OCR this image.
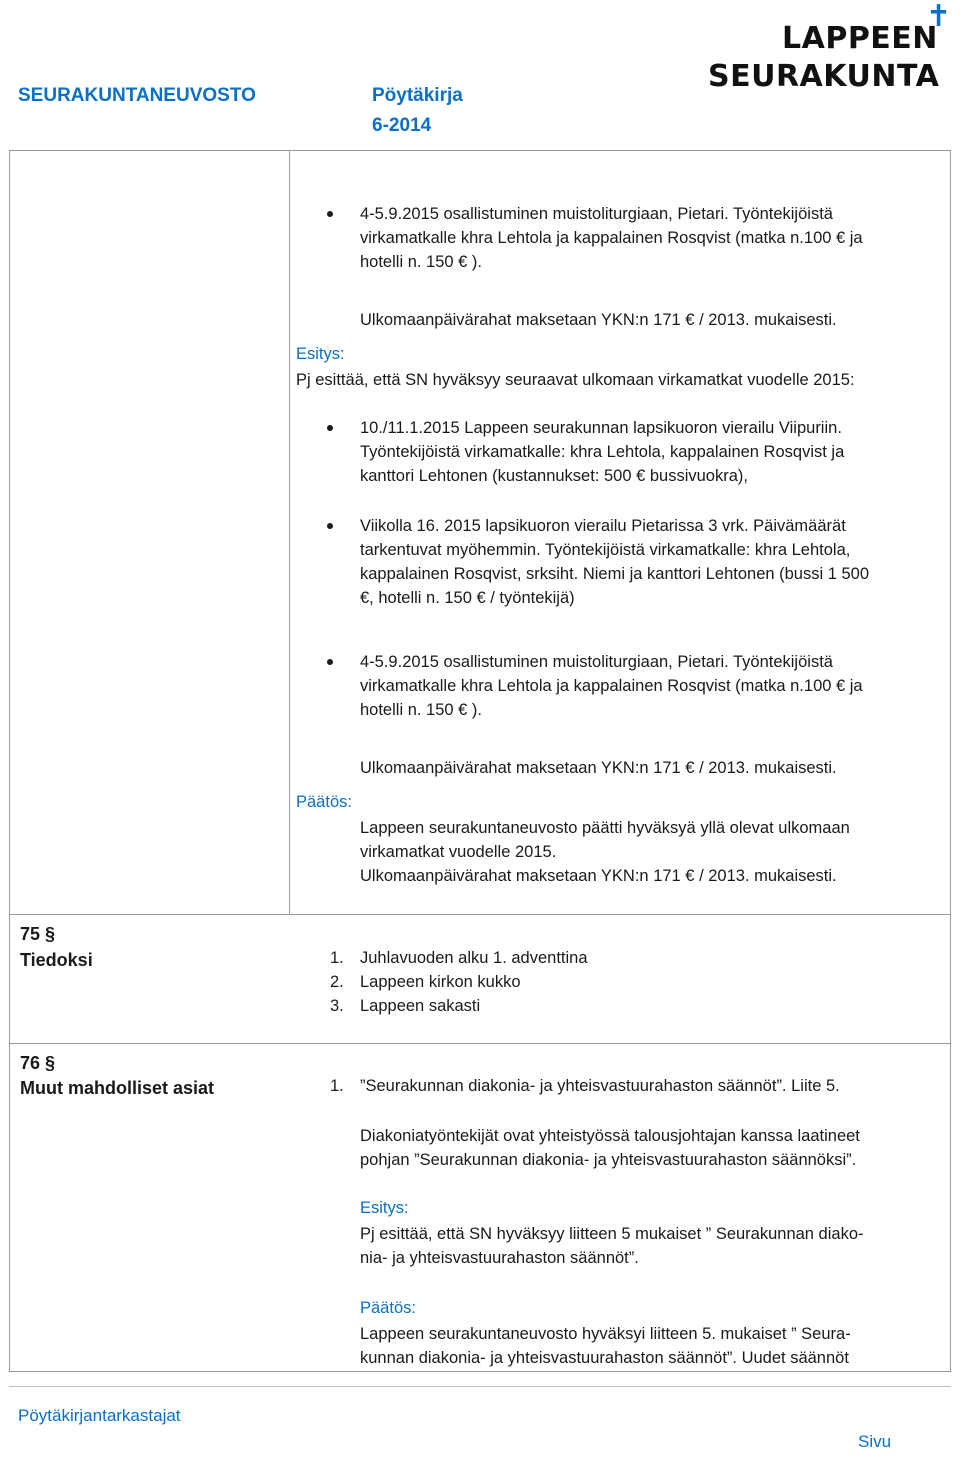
SEURAKUNTANEUVOSTO	Pöytäkirja
6-2014
LAPPEEN
SEURAKUNTA
✝
4-5.9.2015 osallistuminen muistoliturgiaan, Pietari. Työntekijöistä
virkamatkalle khra Lehtola ja kappalainen Rosqvist (matka n.100 € ja
hotelli n. 150 € ).
Ulkomaanpäivärahat maksetaan YKN:n 171 € / 2013. mukaisesti.
Esitys:
Pj esittää, että SN hyväksyy seuraavat ulkomaan virkamatkat vuodelle 2015:
10./11.1.2015 Lappeen seurakunnan lapsikuoron vierailu Viipuriin.
Työntekijöistä virkamatkalle: khra Lehtola, kappalainen Rosqvist ja
kanttori Lehtonen (kustannukset: 500 € bussivuokra),
Viikolla 16. 2015 lapsikuoron vierailu Pietarissa 3 vrk. Päivämäärät
tarkentuvat myöhemmin. Työntekijöistä virkamatkalle: khra Lehtola,
kappalainen Rosqvist, srksiht. Niemi ja kanttori Lehtonen (bussi 1 500
€, hotelli n. 150 € / työntekijä)
4-5.9.2015 osallistuminen muistoliturgiaan, Pietari. Työntekijöistä
virkamatkalle khra Lehtola ja kappalainen Rosqvist (matka n.100 € ja
hotelli n. 150 € ).
Ulkomaanpäivärahat maksetaan YKN:n 171 € / 2013. mukaisesti.
Päätös:
Lappeen seurakuntaneuvosto päätti hyväksyä yllä olevat ulkomaan
virkamatkat vuodelle 2015.
Ulkomaanpäivärahat maksetaan YKN:n 171 € / 2013. mukaisesti.
75 §
Tiedoksi	1. Juhlavuoden alku 1. adventtina
2. Lappeen kirkon kukko
3. Lappeen sakasti
76 §
Muut mahdolliset asiat	1. ”Seurakunnan diakonia- ja yhteisvastuurahaston säännöt”. Liite 5.
Diakoniatyöntekijät ovat yhteistyössä talousjohtajan kanssa laatineet
pohjan ”Seurakunnan diakonia- ja yhteisvastuurahaston säännöksi”.
Esitys:
Pj esittää, että SN hyväksyy liitteen 5 mukaiset ” Seurakunnan diako-
nia- ja yhteisvastuurahaston säännöt”.
Päätös:
Lappeen seurakuntaneuvosto hyväksyi liitteen 5. mukaiset ” Seura-
kunnan diakonia- ja yhteisvastuurahaston säännöt”. Uudet säännöt
Pöytäkirjantarkastajat
Sivu
